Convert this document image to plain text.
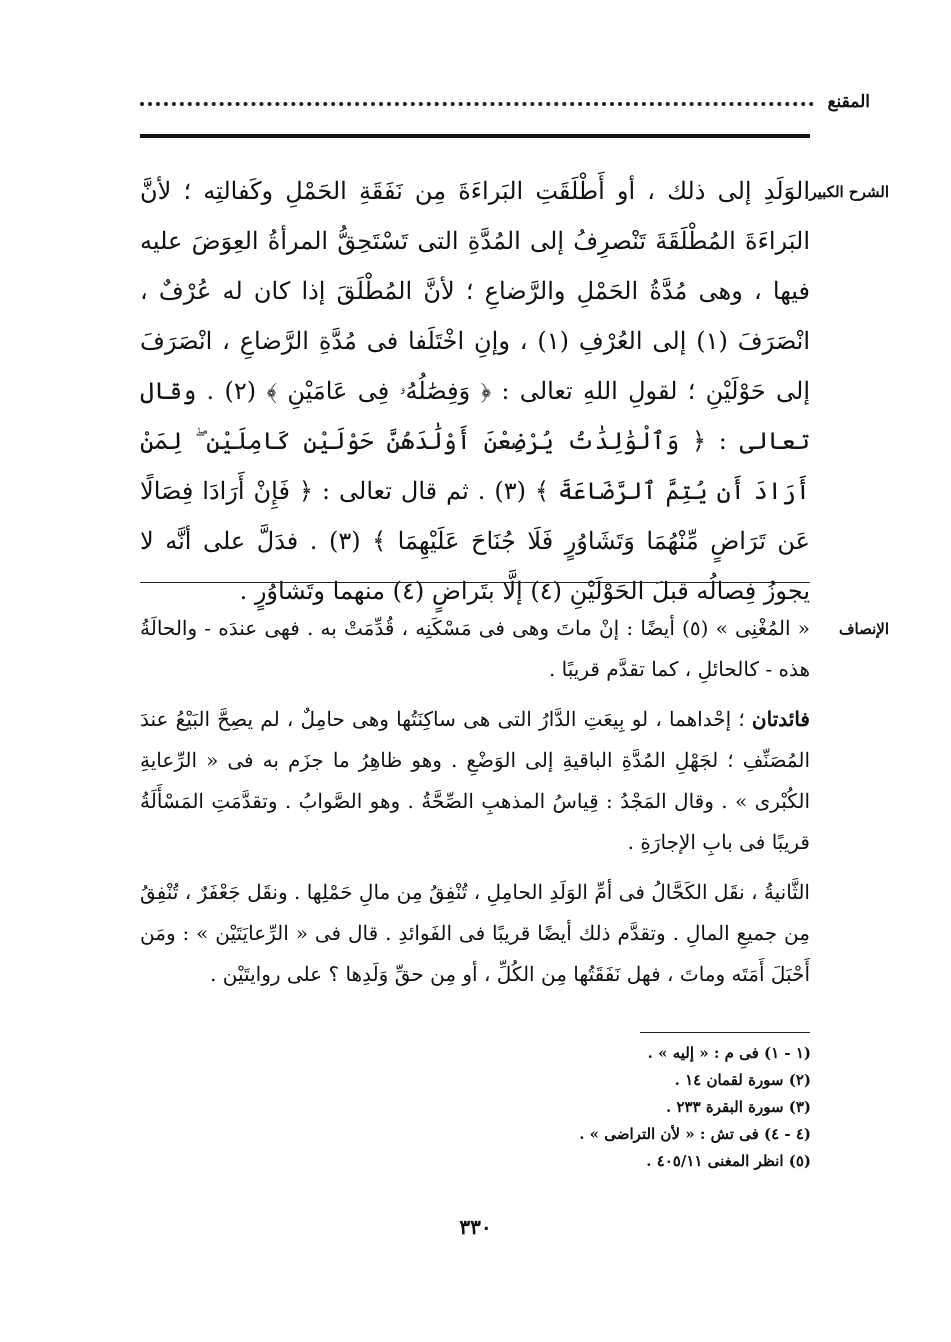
المقنع
الشرح الكبير

الوَلَدِ إلى ذلك ، أو أَطْلَقَتِ البَراءَةَ مِن نَفَقَةِ الحَمْلِ وكَفالتِه ؛ لأنَّ البَراءَةَ المُطْلَقَةَ تَنْصرِفُ إلى المُدَّةِ التى تَسْتَحِقُّ المرأةُ العِوَضَ عليه فيها ، وهى مُدَّةُ الحَمْلِ والرَّضاعِ ؛ لأنَّ المُطْلَقَ إذا كان له عُرْفٌ ، انْصَرَفَ (١) إلى العُرْفِ (١) ، وإنِ اخْتَلَفا فى مُدَّةِ الرَّضاعِ ، انْصَرَفَ إلى حَوْلَيْنِ ؛ لقولِ اللهِ تعالى : ﴿ وَفِصَٰلُهُۥ فِى عَامَيْنِ ﴾ (٢) . وقال تعالى : ﴿ وَٱلْوَٰلِدَٰتُ يُرْضِعْنَ أَوْلَٰدَهُنَّ حَوْلَيْنِ كَامِلَيْنِ ۖ لِمَنْ أَرَادَ أَن يُتِمَّ ٱلرَّضَاعَةَ ﴾ (٣) . ثم قال تعالى : ﴿ فَإِنْ أَرَادَا فِصَالًا عَن تَرَاضٍ مِّنْهُمَا وَتَشَاوُرٍ فَلَا جُنَاحَ عَلَيْهِمَا ﴾ (٣) . فدَلَّ على أنَّه لا يجوزُ فِصالُه قبلَ الحَوْلَيْنِ (٤) إلَّا بتَراضٍ (٤) منهما وتَشاوُرٍ .

الإنصاف

« المُغْنِى » (٥) أيضًا : إنْ ماتَ وهى فى مَسْكَنِه ، قُدِّمَتْ به . فهى عندَه - والحالَةُ هذه - كالحائلِ ، كما تقدَّم قريبًا .

فائدتان ؛ إحْداهما ، لو بِيعَتِ الدَّارُ التى هى ساكِنَتُها وهى حامِلٌ ، لم يصِحَّ البَيْعُ عندَ المُصَنِّفِ ؛ لجَهْلِ المُدَّةِ الباقيةِ إلى الوَضْعِ . وهو ظاهِرُ ما جزَم به فى « الرِّعايةِ الكُبْرى » . وقال المَجْدُ : قِياسُ المذهبِ الصِّحَّةُ . وهو الصَّوابُ . وتقدَّمَتِ المَسْأَلَةُ قريبًا فى بابِ الإجارَةِ .

الثَّانيةُ ، نقَل الكَحَّالُ فى أمِّ الوَلَدِ الحامِلِ ، تُنْفِقُ مِن مالِ حَمْلِها . ونقَل جَعْفَرٌ ، تُنْفِقُ مِن جميعِ المالِ . وتقدَّم ذلك أيضًا قريبًا فى الفَوائدِ . قال فى « الرِّعايَتَيْن » : ومَن أَحْبَلَ أَمَتَه وماتَ ، فهل نَفَقَتُها مِن الكُلِّ ، أو مِن حقِّ وَلَدِها ؟ على روايتَيْن .

(١ - ١) فى م : « إليه » .

(٢) سورة لقمان ١٤ .

(٣) سورة البقرة ٢٣٣ .

(٤ - ٤) فى تش : « لأن التراضى » .

(٥) انظر المغنى ٤٠٥/١١ .

٣٣٠
